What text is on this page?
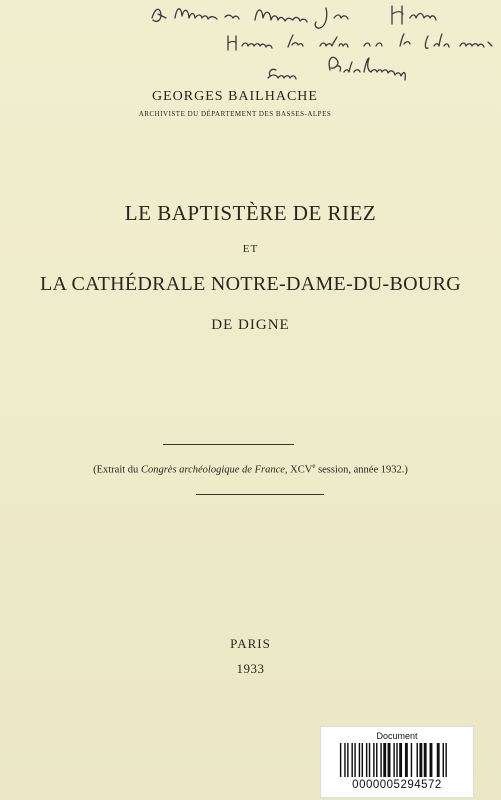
GEORGES BAILHACHE
ARCHIVISTE DU DÉPARTEMENT DES BASSES-ALPES
LE BAPTISTÈRE DE RIEZ
ET
LA CATHÉDRALE NOTRE-DAME-DU-BOURG
DE DIGNE
(Extrait du Congrès archéologique de France, XCVe session, année 1932.)
PARIS
1933
Document
0000005294572
